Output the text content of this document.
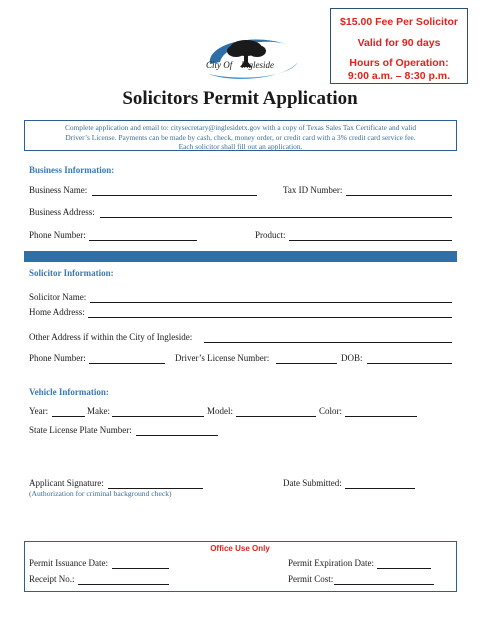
$15.00 Fee Per Solicitor
Valid for 90 days
Hours of Operation:
9:00 a.m. – 8:30 p.m.
City Of Ingleside
Solicitors Permit Application
Complete application and email to: citysecretary@inglesidetx.gov with a copy of Texas Sales Tax Certificate and valid
Driver’s License. Payments can be made by cash, check, money order, or credit card with a 3% credit card service fee.
Each solicitor shall fill out an application.
Business Information:
Business Name:	Tax ID Number:
Business Address:
Phone Number:	Product:
Solicitor Information:
Solicitor Name:
Home Address:
Other Address if within the City of Ingleside:
Phone Number:	Driver’s License Number:	DOB:
Vehicle Information:
Year:	Make:	Model:	Color:
State License Plate Number:
Applicant Signature:
(Authorization for criminal background check)
Date Submitted:
Office Use Only
Permit Issuance Date:	Permit Expiration Date:
Receipt No.:	Permit Cost:
